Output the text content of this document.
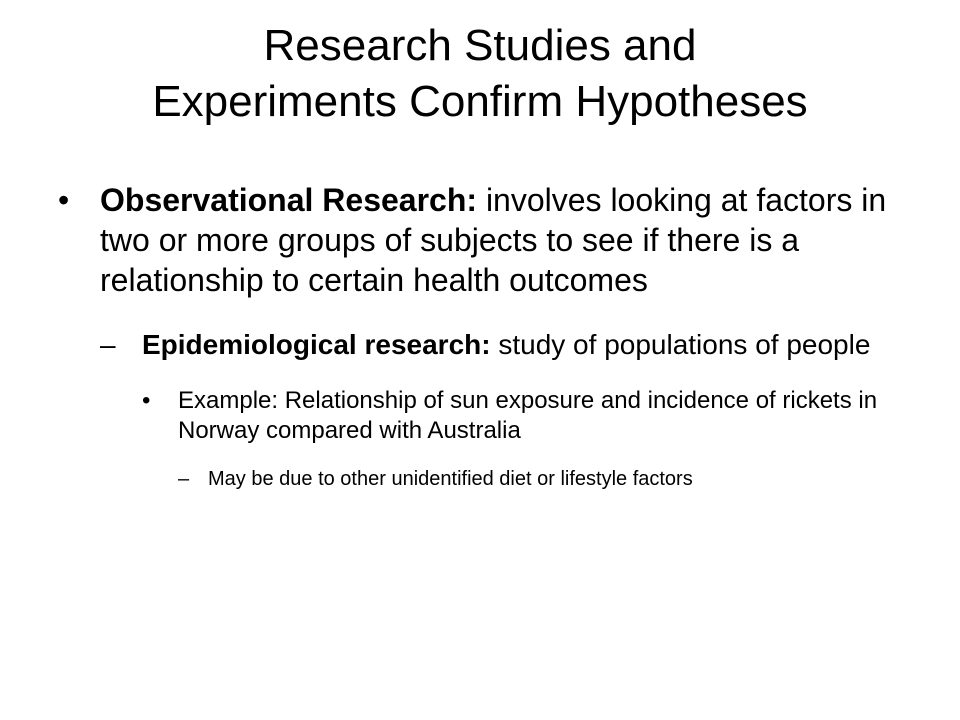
Research Studies and
Experiments Confirm Hypotheses

• Observational Research: involves looking at factors in two or more groups of subjects to see if there is a relationship to certain health outcomes

– Epidemiological research: study of populations of people

• Example: Relationship of sun exposure and incidence of rickets in Norway compared with Australia

– May be due to other unidentified diet or lifestyle factors
